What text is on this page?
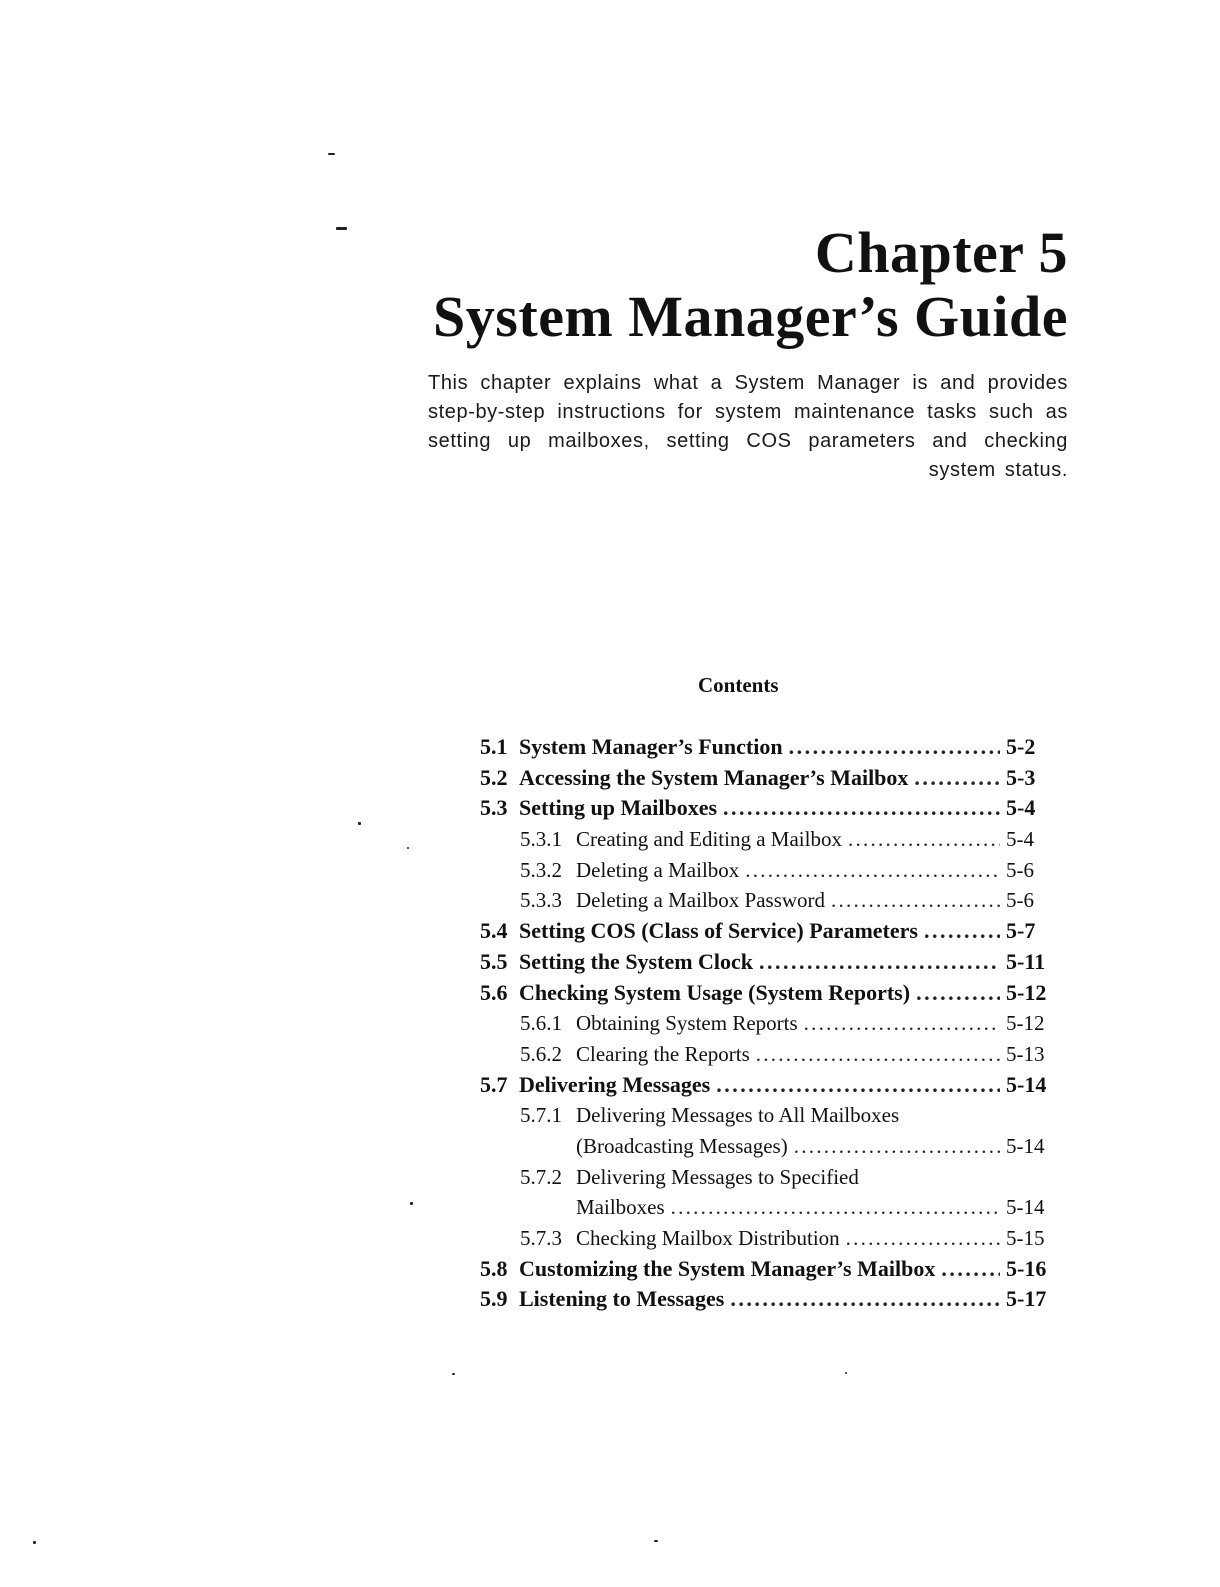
Chapter 5
System Manager’s Guide
This chapter explains what a System Manager is and provides step-by-step instructions for system maintenance tasks such as setting up mailboxes, setting COS parameters and checking system status.
Contents
5.1 System Manager’s Function . . .	5-2
5.2 Accessing the System Manager’s Mailbox . . .	5-3
5.3 Setting up Mailboxes . . .	5-4
5.3.1 Creating and Editing a Mailbox . . .	5-4
5.3.2 Deleting a Mailbox . . .	5-6
5.3.3 Deleting a Mailbox Password . . .	5-6
5.4 Setting COS (Class of Service) Parameters . . .	5-7
5.5 Setting the System Clock . . .	5-11
5.6 Checking System Usage (System Reports) . . .	5-12
5.6.1 Obtaining System Reports . . .	5-12
5.6.2 Clearing the Reports . . .	5-13
5.7 Delivering Messages . . .	5-14
5.7.1 Delivering Messages to All Mailboxes
(Broadcasting Messages) . . .	5-14
5.7.2 Delivering Messages to Specified
Mailboxes . . .	5-14
5.7.3 Checking Mailbox Distribution . . .	5-15
5.8 Customizing the System Manager’s Mailbox . . .	5-16
5.9 Listening to Messages . . .	5-17
